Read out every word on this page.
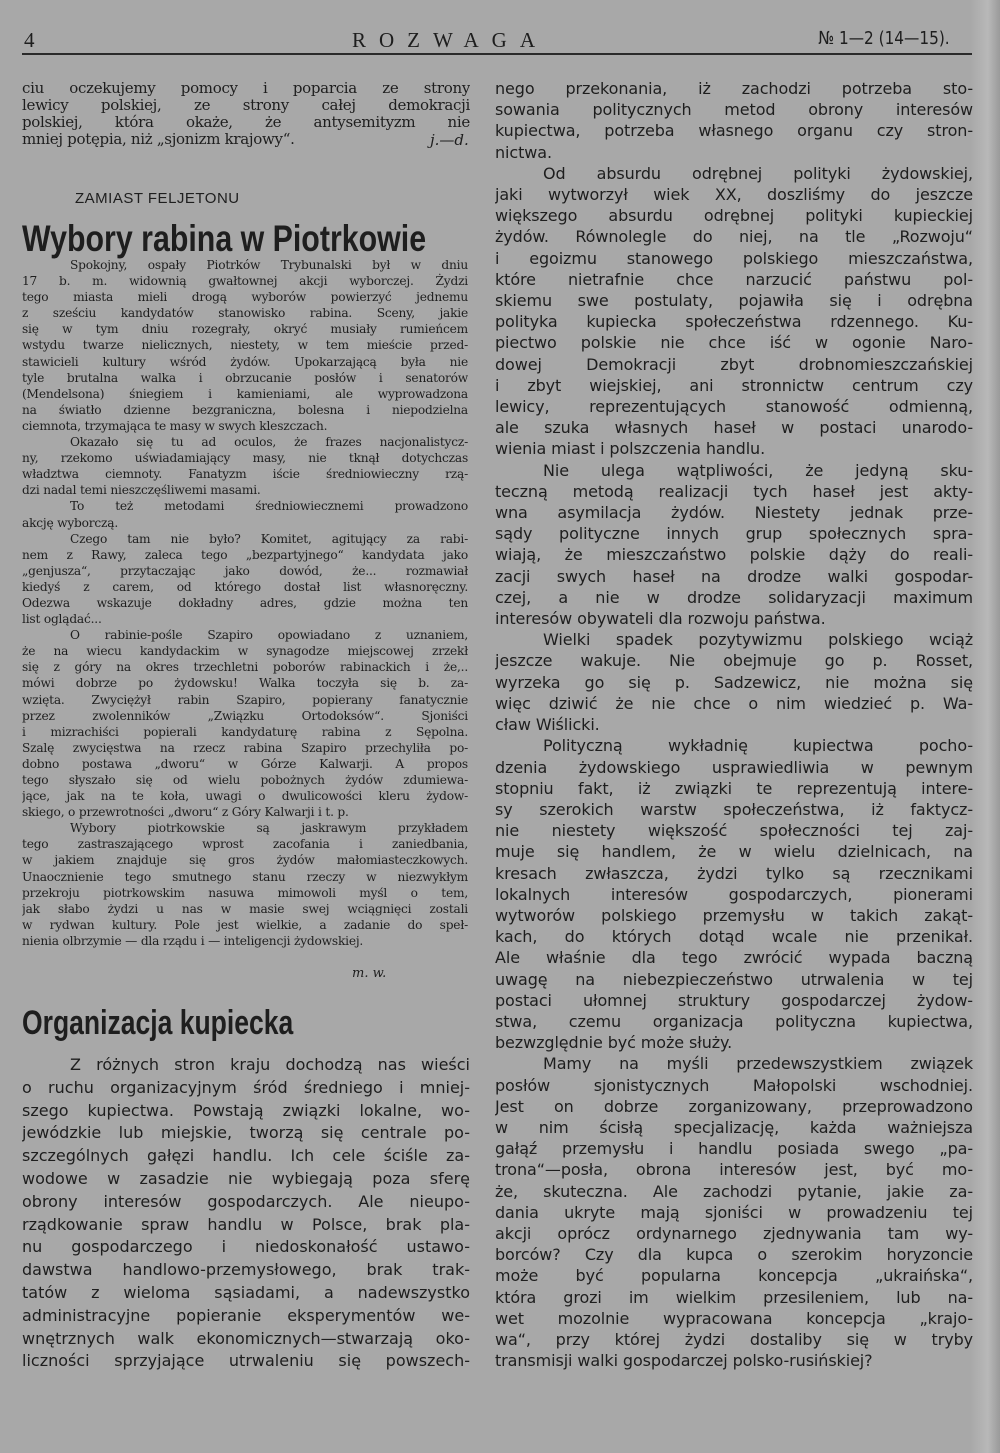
4	ROZWAGA	№ 1—2 (14—15).
ciu oczekujemy pomocy i poparcia ze strony
lewicy polskiej, ze strony całej demokracji
polskiej, która okaże, że antysemityzm nie
mniej potępia, niż „sjonizm krajowy“.	j.—d.
ZAMIAST FELJETONU
Wybory rabina w Piotrkowie
Spokojny, ospały Piotrków Trybunalski był w dniu
17 b. m. widownią gwałtownej akcji wyborczej. Żydzi
tego miasta mieli drogą wyborów powierzyć jednemu
z sześciu kandydatów stanowisko rabina. Sceny, jakie
się w tym dniu rozegrały, okryć musiały rumieńcem
wstydu twarze nielicznych, niestety, w tem mieście przed-
stawicieli kultury wśród żydów. Upokarzającą była nie
tyle brutalna walka i obrzucanie posłów i senatorów
(Mendelsona) śniegiem i kamieniami, ale wyprowadzona
na światło dzienne bezgraniczna, bolesna i niepodzielna
ciemnota, trzymająca te masy w swych kleszczach.
Okazało się tu ad oculos, że frazes nacjonalistycz-
ny, rzekomo uświadamiający masy, nie tknął dotychczas
władztwa ciemnoty. Fanatyzm iście średniowieczny rzą-
dzi nadal temi nieszczęśliwemi masami.
To też metodami średniowiecznemi prowadzono
akcję wyborczą.
Czego tam nie było? Komitet, agitujący za rabi-
nem z Rawy, zaleca tego „bezpartyjnego“ kandydata jako
„genjusza“, przytaczając jako dowód, że... rozmawiał
kiedyś z carem, od którego dostał list własnoręczny.
Odezwa wskazuje dokładny adres, gdzie można ten
list oglądać...
O rabinie-pośle Szapiro opowiadano z uznaniem,
że na wiecu kandydackim w synagodze miejscowej zrzekł
się z góry na okres trzechletni poborów rabinackich i że,..
mówi dobrze po żydowsku! Walka toczyła się b. za-
wzięta. Zwyciężył rabin Szapiro, popierany fanatycznie
przez zwolenników „Związku Ortodoksów“. Sjoniści
i mizrachiści popierali kandydaturę rabina z Sępolna.
Szalę zwycięstwa na rzecz rabina Szapiro przechyliła po-
dobno postawa „dworu“ w Górze Kalwarji. A propos
tego słyszało się od wielu pobożnych żydów zdumiewa-
jące, jak na te koła, uwagi o dwulicowości kleru żydow-
skiego, o przewrotności „dworu“ z Góry Kalwarji i t. p.
Wybory piotrkowskie są jaskrawym przykładem
tego zastraszającego wprost zacofania i zaniedbania,
w jakiem znajduje się gros żydów małomiasteczkowych.
Unaocznienie tego smutnego stanu rzeczy w niezwykłym
przekroju piotrkowskim nasuwa mimowoli myśl o tem,
jak słabo żydzi u nas w masie swej wciągnięci zostali
w rydwan kultury. Pole jest wielkie, a zadanie do speł-
nienia olbrzymie — dla rządu i — inteligencji żydowskiej.
m. w.
Organizacja kupiecka
Z różnych stron kraju dochodzą nas wieści
o ruchu organizacyjnym śród średniego i mniej-
szego kupiectwa. Powstają związki lokalne, wo-
jewódzkie lub miejskie, tworzą się centrale po-
szczególnych gałęzi handlu. Ich cele ściśle za-
wodowe w zasadzie nie wybiegają poza sferę
obrony interesów gospodarczych. Ale nieupo-
rządkowanie spraw handlu w Polsce, brak pla-
nu gospodarczego i niedoskonałość ustawo-
dawstwa handlowo-przemysłowego, brak trak-
tatów z wieloma sąsiadami, a nadewszystko
administracyjne popieranie eksperymentów we-
wnętrznych walk ekonomicznych—stwarzają oko-
liczności sprzyjające utrwaleniu się powszech-
nego przekonania, iż zachodzi potrzeba sto-
sowania politycznych metod obrony interesów
kupiectwa, potrzeba własnego organu czy stron-
nictwa.
Od absurdu odrębnej polityki żydowskiej,
jaki wytworzył wiek XX, doszliśmy do jeszcze
większego absurdu odrębnej polityki kupieckiej
żydów. Równolegle do niej, na tle „Rozwoju“
i egoizmu stanowego polskiego mieszczaństwa,
które nietrafnie chce narzucić państwu pol-
skiemu swe postulaty, pojawiła się i odrębna
polityka kupiecka społeczeństwa rdzennego. Ku-
piectwo polskie nie chce iść w ogonie Naro-
dowej Demokracji zbyt drobnomieszczańskiej
i zbyt wiejskiej, ani stronnictw centrum czy
lewicy, reprezentujących stanowość odmienną,
ale szuka własnych haseł w postaci unarodo-
wienia miast i polszczenia handlu.
Nie ulega wątpliwości, że jedyną sku-
teczną metodą realizacji tych haseł jest akty-
wna asymilacja żydów. Niestety jednak prze-
sądy polityczne innych grup społecznych spra-
wiają, że mieszczaństwo polskie dąży do reali-
zacji swych haseł na drodze walki gospodar-
czej, a nie w drodze solidaryzacji maximum
interesów obywateli dla rozwoju państwa.
Wielki spadek pozytywizmu polskiego wciąż
jeszcze wakuje. Nie obejmuje go p. Rosset,
wyrzeka go się p. Sadzewicz, nie można się
więc dziwić że nie chce o nim wiedzieć p. Wa-
cław Wiślicki.
Polityczną wykładnię kupiectwa pocho-
dzenia żydowskiego usprawiedliwia w pewnym
stopniu fakt, iż związki te reprezentują intere-
sy szerokich warstw społeczeństwa, iż faktycz-
nie niestety większość społeczności tej zaj-
muje się handlem, że w wielu dzielnicach, na
kresach zwłaszcza, żydzi tylko są rzecznikami
lokalnych interesów gospodarczych, pionerami
wytworów polskiego przemysłu w takich zakąt-
kach, do których dotąd wcale nie przenikał.
Ale właśnie dla tego zwrócić wypada baczną
uwagę na niebezpieczeństwo utrwalenia w tej
postaci ułomnej struktury gospodarczej żydow-
stwa, czemu organizacja polityczna kupiectwa,
bezwzględnie być może służy.
Mamy na myśli przedewszystkiem związek
posłów sjonistycznych Małopolski wschodniej.
Jest on dobrze zorganizowany, przeprowadzono
w nim ścisłą specjalizację, każda ważniejsza
gałąź przemysłu i handlu posiada swego „pa-
trona“—posła, obrona interesów jest, być mo-
że, skuteczna. Ale zachodzi pytanie, jakie za-
dania ukryte mają sjoniści w prowadzeniu tej
akcji oprócz ordynarnego zjednywania tam wy-
borców? Czy dla kupca o szerokim horyzoncie
może być popularna koncepcja „ukraińska“,
która grozi im wielkim przesileniem, lub na-
wet mozolnie wypracowana koncepcja „krajo-
wa“, przy której żydzi dostaliby się w tryby
transmisji walki gospodarczej polsko-rusińskiej?
